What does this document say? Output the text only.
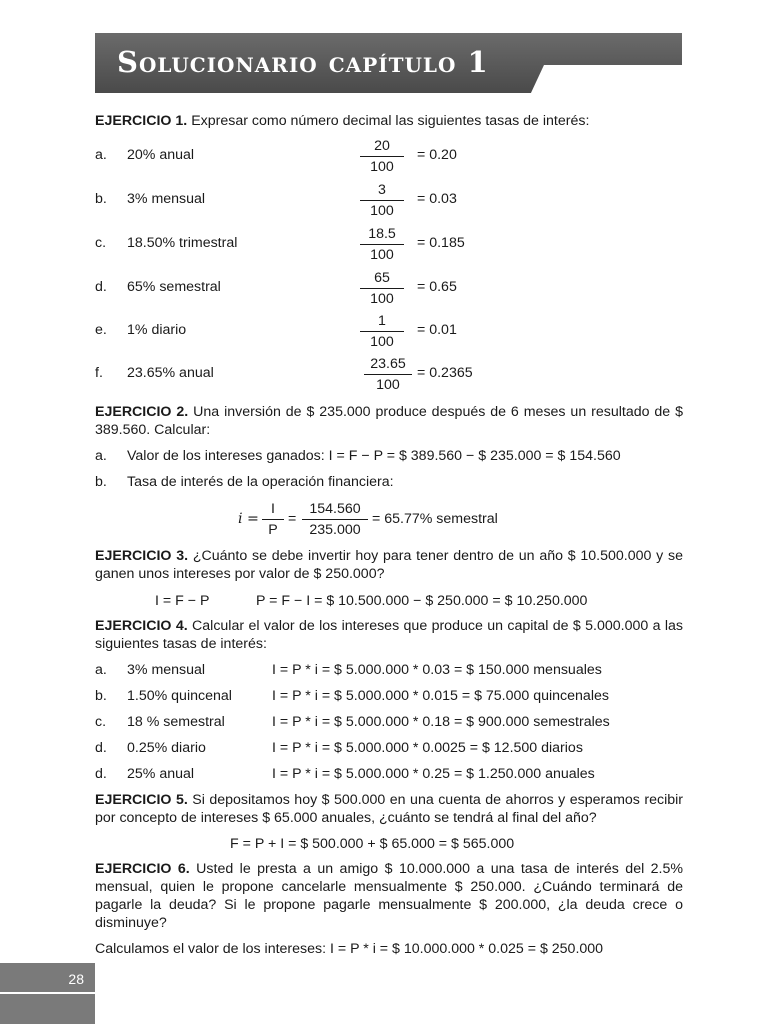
Solucionario capítulo 1
EJERCICIO 1. Expresar como número decimal las siguientes tasas de interés:
a. 20% anual	$\frac{20}{100} = 0.20$
b. 3% mensual	$\frac{3}{100} = 0.03$
c. 18.50% trimestral	$\frac{18.5}{100} = 0.185$
d. 65% semestral	$\frac{65}{100} = 0.65$
e. 1% diario	$\frac{1}{100} = 0.01$
f. 23.65% anual	$\frac{23.65}{100} = 0.2365$
EJERCICIO 2. Una inversión de $ 235.000 produce después de 6 meses un resultado de $ 389.560. Calcular:
a. Valor de los intereses ganados: I = F − P = $ 389.560 − $ 235.000 = $ 154.560
b. Tasa de interés de la operación financiera:
$i = \frac{I}{P} = \frac{154.560}{235.000} = 65.77\%$ semestral
EJERCICIO 3. ¿Cuánto se debe invertir hoy para tener dentro de un año $ 10.500.000 y se ganen unos intereses por valor de $ 250.000?
I = F − P	P = F − I = $ 10.500.000 − $ 250.000 = $ 10.250.000
EJERCICIO 4. Calcular el valor de los intereses que produce un capital de $ 5.000.000 a las siguientes tasas de interés:
a. 3% mensual	I = P * i = $ 5.000.000 * 0.03 = $ 150.000 mensuales
b. 1.50% quincenal	I = P * i = $ 5.000.000 * 0.015 = $ 75.000 quincenales
c. 18 % semestral	I = P * i = $ 5.000.000 * 0.18 = $ 900.000 semestrales
d. 0.25% diario	I = P * i = $ 5.000.000 * 0.0025 = $ 12.500 diarios
d. 25% anual	I = P * i = $ 5.000.000 * 0.25 = $ 1.250.000 anuales
EJERCICIO 5. Si depositamos hoy $ 500.000 en una cuenta de ahorros y esperamos recibir por concepto de intereses $ 65.000 anuales, ¿cuánto se tendrá al final del año?
F = P + I = $ 500.000 + $ 65.000 = $ 565.000
EJERCICIO 6. Usted le presta a un amigo $ 10.000.000 a una tasa de interés del 2.5% mensual, quien le propone cancelarle mensualmente $ 250.000. ¿Cuándo terminará de pagarle la deuda? Si le propone pagarle mensualmente $ 200.000, ¿la deuda crece o disminuye?
Calculamos el valor de los intereses: I = P * i = $ 10.000.000 * 0.025 = $ 250.000
28
